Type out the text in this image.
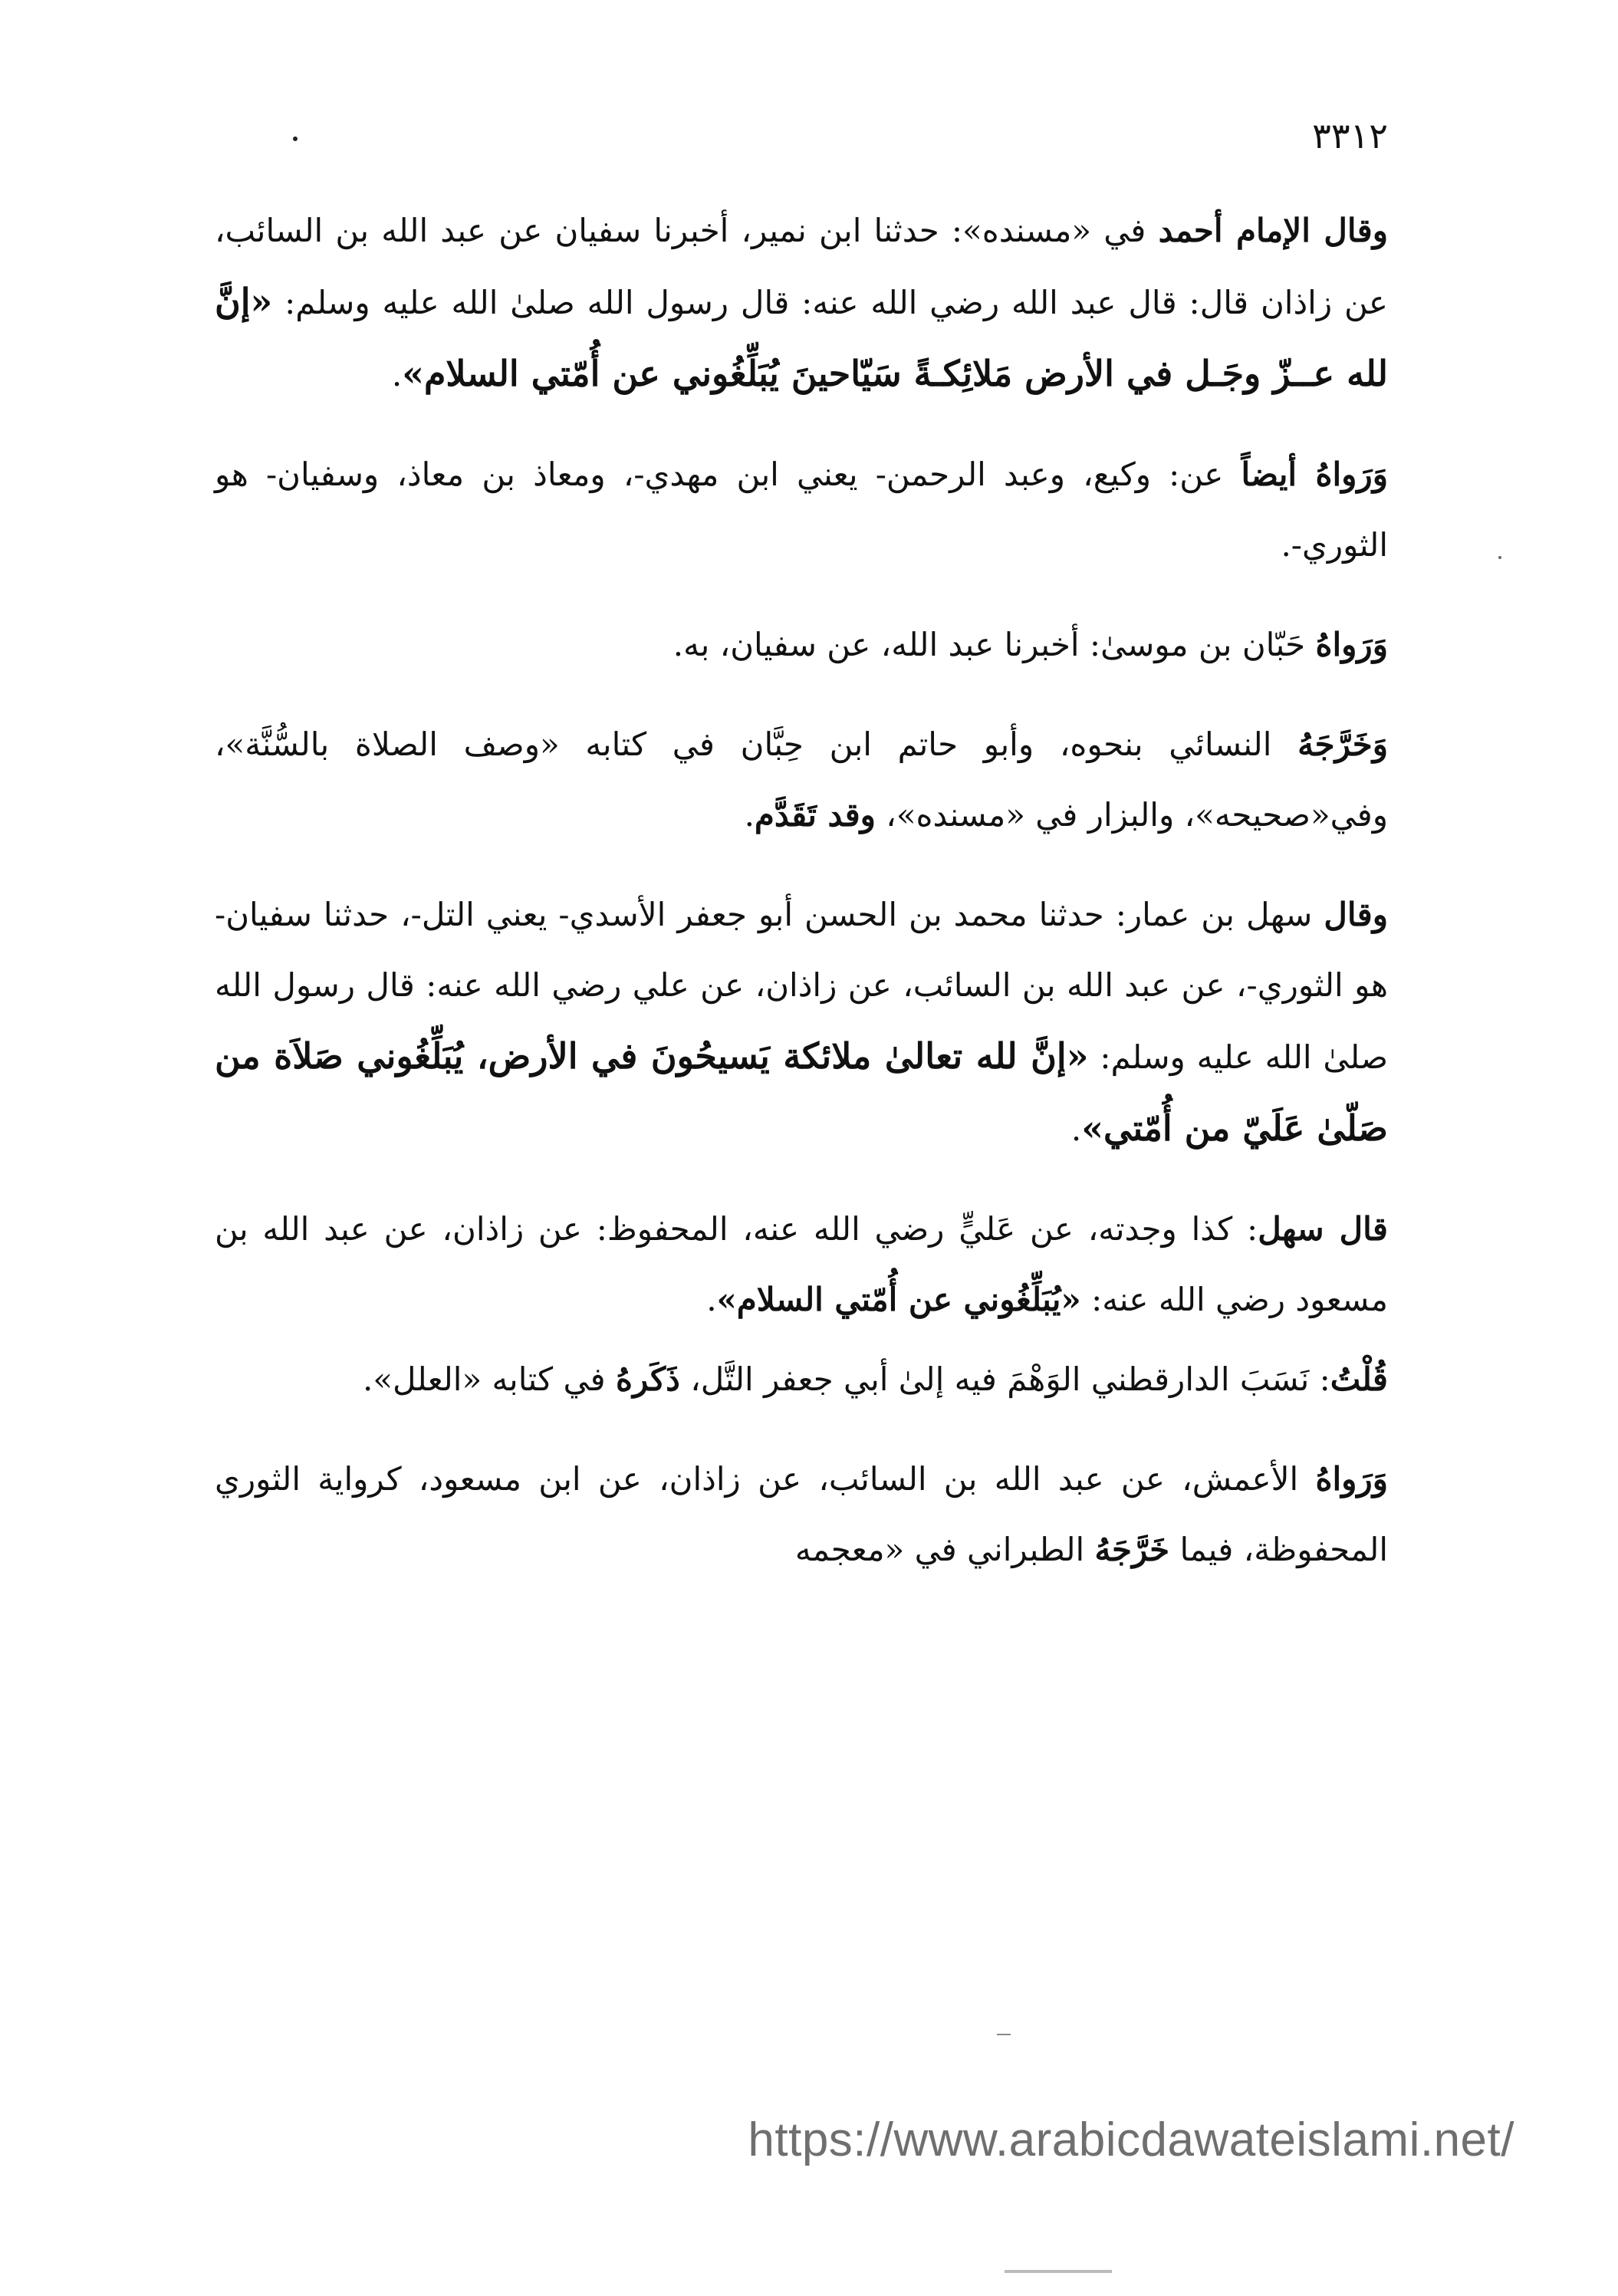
٣٣١٢

وقال الإمام أحمد في «مسنده»: حدثنا ابن نمير، أخبرنا سفيان عن عبد الله بن السائب، عن زاذان قال: قال عبد الله رضي الله عنه: قال رسول الله صلىٰ الله عليه وسلم: «إنَّ لله عــزّ وجَـل في الأرض مَلائِكـةً سَيّاحينَ يُبَلِّغُوني عن أُمّتي السلام».

وَرَواهُ أيضاً عن: وكيع، وعبد الرحمن- يعني ابن مهدي-، ومعاذ بن معاذ، وسفيان- هو الثوري-.

وَرَواهُ حَبّان بن موسىٰ: أخبرنا عبد الله، عن سفيان، به.

وَخَرَّجَهُ النسائي بنحوه، وأبو حاتم ابن حِبَّان في كتابه «وصف الصلاة بالسُّنَّة»، وفي«صحيحه»، والبزار في «مسنده»، وقد تَقَدَّم.

وقال سهل بن عمار: حدثنا محمد بن الحسن أبو جعفر الأسدي- يعني التل-، حدثنا سفيان- هو الثوري-، عن عبد الله بن السائب، عن زاذان، عن علي رضي الله عنه: قال رسول الله صلىٰ الله عليه وسلم: «إنَّ لله تعالىٰ ملائكة يَسيحُونَ في الأرض، يُبَلِّغُوني صَلاَة من صَلّىٰ عَلَيّ من أُمّتي».

قال سهل: كذا وجدته، عن عَليٍّ رضي الله عنه، المحفوظ: عن زاذان، عن عبد الله بن مسعود رضي الله عنه: «يُبَلِّغُوني عن أُمّتي السلام».

قُلْتُ: نَسَبَ الدارقطني الوَهْمَ فيه إلىٰ أبي جعفر التَّل، ذَكَرهُ في كتابه «العلل».

وَرَواهُ الأعمش، عن عبد الله بن السائب، عن زاذان، عن ابن مسعود، كرواية الثوري المحفوظة، فيما خَرَّجَهُ الطبراني في «معجمه

https://www.arabicdawateislami.net/
